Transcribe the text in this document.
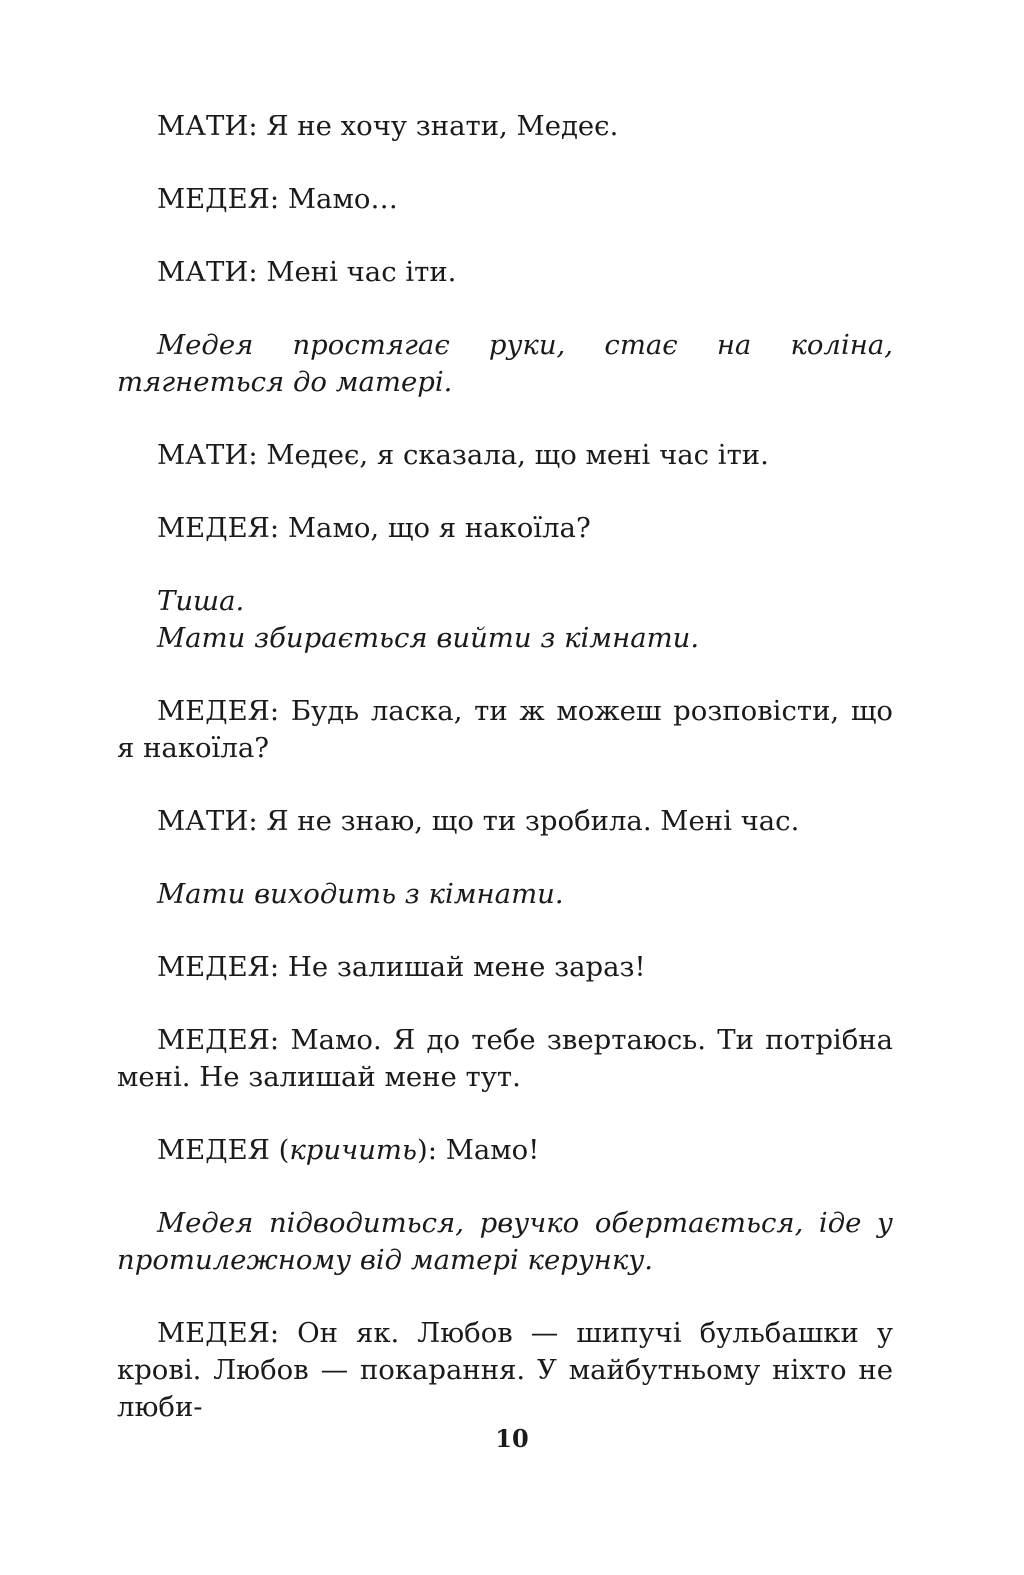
МАТИ: Я не хочу знати, Медеє.

МЕДЕЯ: Мамо…

МАТИ: Мені час іти.

Медея простягає руки, стає на коліна, тягнеться до матері.

МАТИ: Медеє, я сказала, що мені час іти.

МЕДЕЯ: Мамо, що я накоїла?

Тиша.

Мати збирається вийти з кімнати.

МЕДЕЯ: Будь ласка, ти ж можеш розповісти, що я накоїла?

МАТИ: Я не знаю, що ти зробила. Мені час.

Мати виходить з кімнати.

МЕДЕЯ: Не залишай мене зараз!

МЕДЕЯ: Мамо. Я до тебе звертаюсь. Ти потрібна мені. Не залишай мене тут.

МЕДЕЯ (кричить): Мамо!

Медея підводиться, рвучко обертається, іде у протилежному від матері керунку.

МЕДЕЯ: Он як. Любов — шипучі бульбашки у крові. Любов — покарання. У майбутньому ніхто не люби-

10
